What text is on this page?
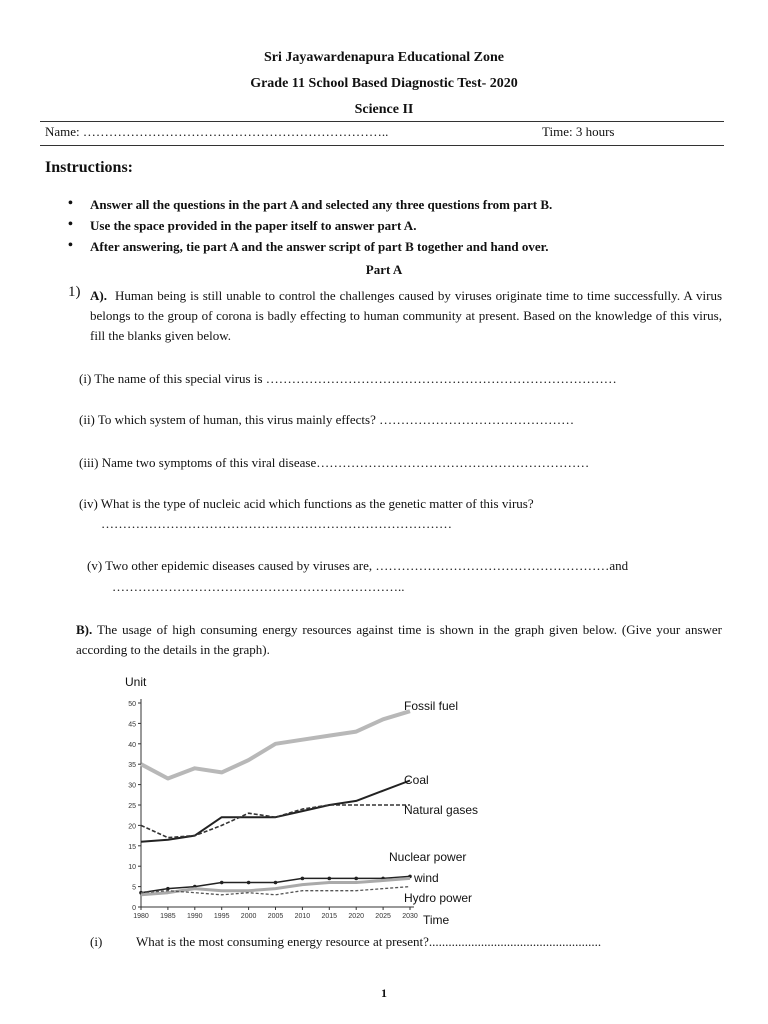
Sri Jayawardenapura Educational Zone
Grade 11 School Based Diagnostic Test- 2020
Science II
Name: ……………………………………………………………..	Time: 3 hours
Instructions:
• Answer all the questions in the part A and selected any three questions from part B.
• Use the space provided in the paper itself to answer part A.
• After answering, tie part A and the answer script of part B together and hand over.
Part A
1) A). Human being is still unable to control the challenges caused by viruses originate time to time successfully. A virus belongs to the group of corona is badly effecting to human community at present. Based on the knowledge of this virus, fill the blanks given below.
(i) The name of this special virus is ………………………………………………………………………
(ii) To which system of human, this virus mainly effects? ………………………………………
(iii) Name two symptoms of this viral disease………………………………………………………
(iv) What is the type of nucleic acid which functions as the genetic matter of this virus?
………………………………………………………………………
(v) Two other epidemic diseases caused by viruses are, ………………………………………………and
…………………………………………………………..
B). The usage of high consuming energy resources against time is shown in the graph given below. (Give your answer according to the details in the graph).
Unit
0
5
10
15
20
25
30
35
40
45
50
1980 1985 1990 1995 2000 2005 2010 2015 2020 2025 2030 Time
Fossil fuel
Coal
Natural gases
Nuclear power
wind
Hydro power
(i)	What is the most consuming energy resource at present?.....................................................
1
